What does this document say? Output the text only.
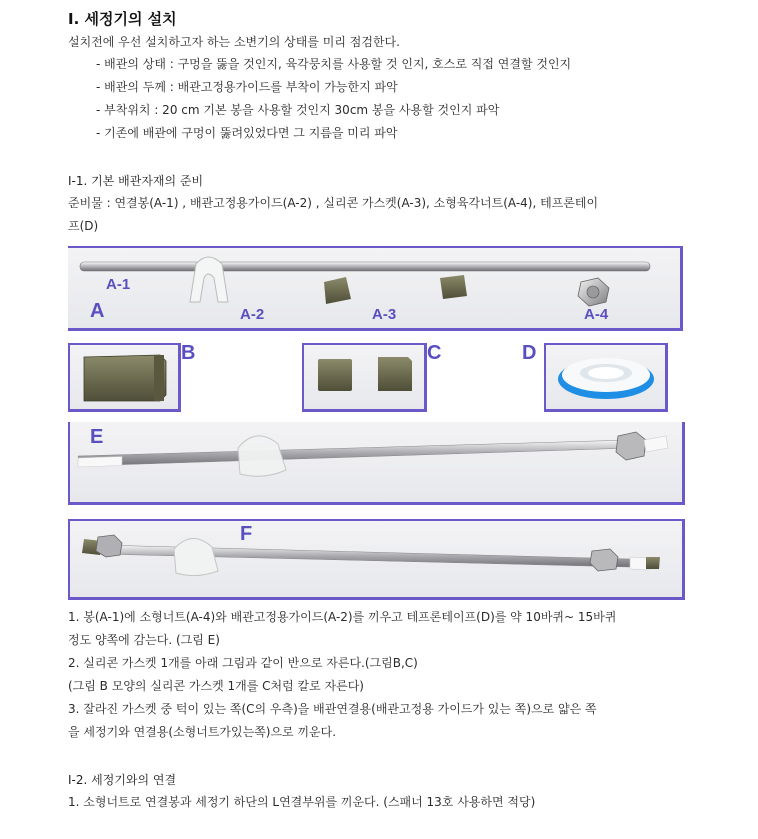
I. 세정기의 설치
설치전에 우선 설치하고자 하는 소변기의 상태를 미리 점검한다.
- 배관의 상태 : 구멍을 뚫을 것인지, 육각뭉치를 사용할 것 인지, 호스로 직접 연결할 것인지
- 배관의 두께 : 배관고정용가이드를 부착이 가능한지 파악
- 부착위치 : 20 cm 기본 봉을 사용할 것인지 30cm 봉을 사용할 것인지 파악
- 기존에 배관에 구멍이 뚫려있었다면 그 지름을 미리 파악
I-1. 기본 배관자재의 준비
준비물 : 연결봉(A-1) , 배관고정용가이드(A-2) , 실리콘 가스켓(A-3), 소형육각너트(A-4), 테프론테이
프(D)
A
A-1
A-2	A-3	A-4
B	C	D
E
F
1. 봉(A-1)에 소형너트(A-4)와 배관고정용가이드(A-2)를 끼우고 테프론테이프(D)를 약 10바퀴~ 15바퀴
정도 양쪽에 감는다. (그림 E)
2. 실리콘 가스켓 1개를 아래 그림과 같이 반으로 자른다.(그림B,C)
(그림 B 모양의 실리콘 가스켓 1개를 C처럼 칼로 자른다)
3. 잘라진 가스켓 중 턱이 있는 쪽(C의 우측)을 배관연결용(배관고정용 가이드가 있는 쪽)으로 얇은 쪽
을 세정기와 연결용(소형너트가있는쪽)으로 끼운다.
I-2. 세정기와의 연결
1. 소형너트로 연결봉과 세정기 하단의 L연결부위를 끼운다. (스패너 13호 사용하면 적당)
